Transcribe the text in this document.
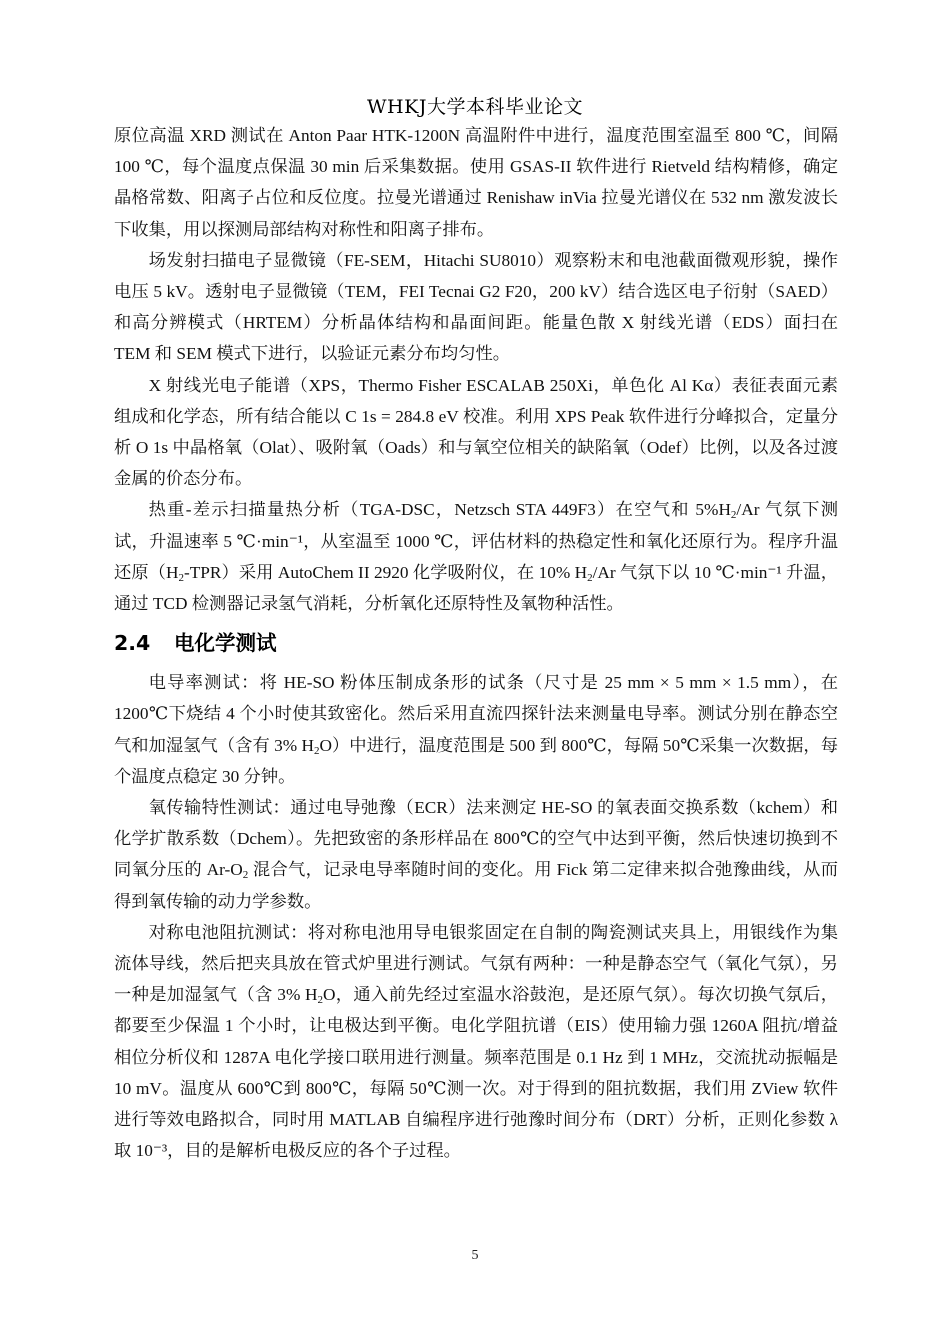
WHKJ大学本科毕业论文

原位高温 XRD 测试在 Anton Paar HTK-1200N 高温附件中进行，温度范围室温至 800 ℃，间隔 100 ℃，每个温度点保温 30 min 后采集数据。使用 GSAS-II 软件进行 Rietveld 结构精修，确定晶格常数、阳离子占位和反位度。拉曼光谱通过 Renishaw inVia 拉曼光谱仪在 532 nm 激发波长下收集，用以探测局部结构对称性和阳离子排布。

场发射扫描电子显微镜（FE-SEM，Hitachi SU8010）观察粉末和电池截面微观形貌，操作电压 5 kV。透射电子显微镜（TEM，FEI Tecnai G2 F20，200 kV）结合选区电子衍射（SAED）和高分辨模式（HRTEM）分析晶体结构和晶面间距。能量色散 X 射线光谱（EDS）面扫在 TEM 和 SEM 模式下进行，以验证元素分布均匀性。

X 射线光电子能谱（XPS，Thermo Fisher ESCALAB 250Xi，单色化 Al Kα）表征表面元素组成和化学态，所有结合能以 C 1s = 284.8 eV 校准。利用 XPS Peak 软件进行分峰拟合，定量分析 O 1s 中晶格氧（Olat）、吸附氧（Oads）和与氧空位相关的缺陷氧（Odef）比例，以及各过渡金属的价态分布。

热重-差示扫描量热分析（TGA-DSC，Netzsch STA 449F3）在空气和 $5\%H_2/Ar$ 气氛下测试，升温速率 5 ℃·min⁻¹，从室温至 1000 ℃，评估材料的热稳定性和氧化还原行为。程序升温还原$(H_2-TPR)$采用 AutoChem II 2920 化学吸附仪，在 10% $H_2/Ar$ 气氛下以 10 ℃·min⁻¹ 升温，通过 TCD 检测器记录氢气消耗，分析氧化还原特性及氧物种活性。

2.4 电化学测试

电导率测试：将 HE-SO 粉体压制成条形的试条（尺寸是 25 mm × 5 mm × 1.5 mm），在 1200℃下烧结 4 个小时使其致密化。然后采用直流四探针法来测量电导率。测试分别在静态空气和加湿氢气（含有 3% $H_2O$）中进行，温度范围是 500 到 800℃，每隔 50℃采集一次数据，每个温度点稳定 30 分钟。

氧传输特性测试：通过电导弛豫（ECR）法来测定 HE-SO 的氧表面交换系数（kchem）和化学扩散系数（Dchem）。先把致密的条形样品在 800℃的空气中达到平衡，然后快速切换到不同氧分压的 $Ar-O_2$ 混合气，记录电导率随时间的变化。用 Fick 第二定律来拟合弛豫曲线，从而得到氧传输的动力学参数。

对称电池阻抗测试：将对称电池用导电银浆固定在自制的陶瓷测试夹具上，用银线作为集流体导线，然后把夹具放在管式炉里进行测试。气氛有两种：一种是静态空气（氧化气氛），另一种是加湿氢气（含 3% $H_2O$，通入前先经过室温水浴鼓泡，是还原气氛）。每次切换气氛后，都要至少保温 1 个小时，让电极达到平衡。电化学阻抗谱（EIS）使用输力强 1260A 阻抗/增益相位分析仪和 1287A 电化学接口联用进行测量。频率范围是 0.1 Hz 到 1 MHz，交流扰动振幅是 10 mV。温度从 600℃到 800℃，每隔 50℃测一次。对于得到的阻抗数据，我们用 ZView 软件进行等效电路拟合，同时用 MATLAB 自编程序进行弛豫时间分布（DRT）分析，正则化参数 λ 取 10⁻³，目的是解析电极反应的各个子过程。

5
